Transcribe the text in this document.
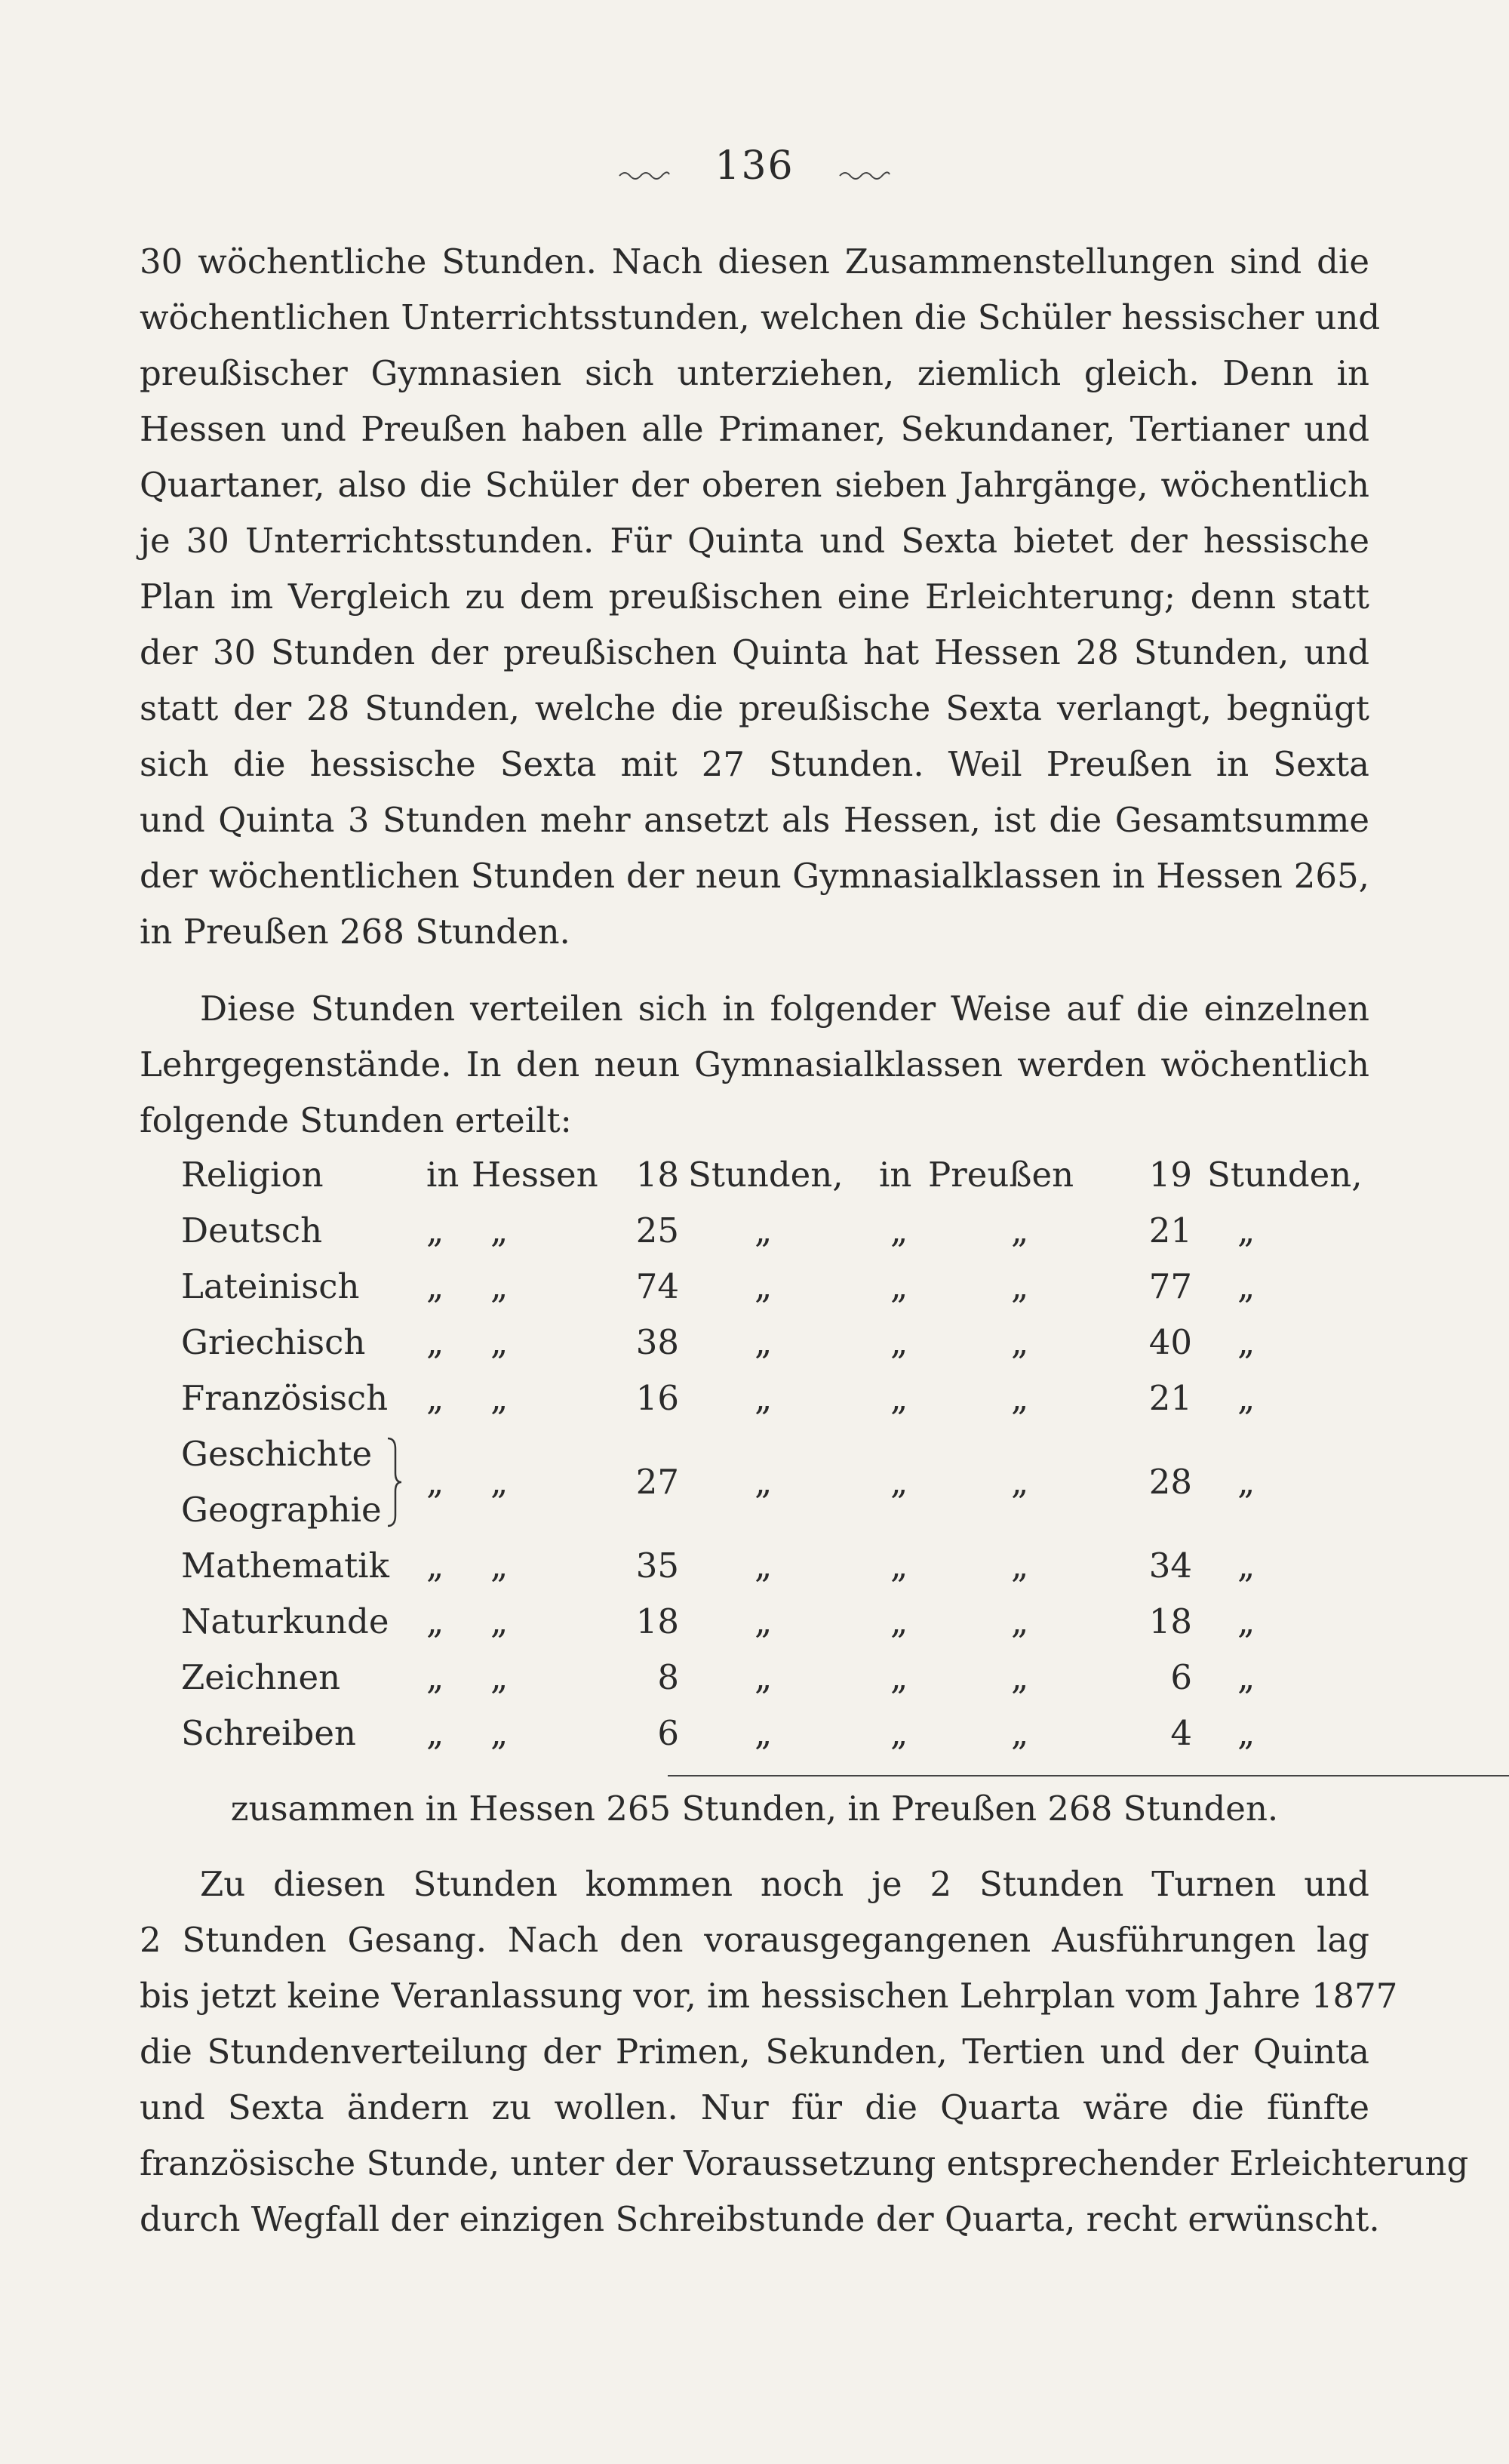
136
30 wöchentliche Stunden. Nach diesen Zusammenstellungen sind die
wöchentlichen Unterrichtsstunden, welchen die Schüler hessischer und
preußischer Gymnasien sich unterziehen, ziemlich gleich. Denn in
Hessen und Preußen haben alle Primaner, Sekundaner, Tertianer und
Quartaner, also die Schüler der oberen sieben Jahrgänge, wöchentlich
je 30 Unterrichtsstunden. Für Quinta und Sexta bietet der hessische
Plan im Vergleich zu dem preußischen eine Erleichterung; denn statt
der 30 Stunden der preußischen Quinta hat Hessen 28 Stunden, und
statt der 28 Stunden, welche die preußische Sexta verlangt, begnügt
sich die hessische Sexta mit 27 Stunden. Weil Preußen in Sexta
und Quinta 3 Stunden mehr ansetzt als Hessen, ist die Gesamtsumme
der wöchentlichen Stunden der neun Gymnasialklassen in Hessen 265,
in Preußen 268 Stunden.
Diese Stunden verteilen sich in folgender Weise auf die einzelnen
Lehrgegenstände. In den neun Gymnasialklassen werden wöchentlich
folgende Stunden erteilt:
Religion	in Hessen	18 Stunden, in Preußen	19 Stunden,
Deutsch	„ „	25 „	„	„	21 „
Lateinisch „ „	74 „	„	„	77 „
Griechisch „ „	38 „	„	„	40 „
Französisch „ „	16 „	„	„	21 „
Geschichte
Geographie
„ „	27 „	„	„	28 „
Mathematik „ „	35 „	„	„	34 „
Naturkunde „ „	18 „	„	„	18 „
Zeichnen	„ „	8 „	„	„	6 „
Schreiben „ „	6 „	„	„	4 „
zusammen in Hessen 265 Stunden, in Preußen 268 Stunden.
Zu diesen Stunden kommen noch je 2 Stunden Turnen und
2 Stunden Gesang. Nach den vorausgegangenen Ausführungen lag
bis jetzt keine Veranlassung vor, im hessischen Lehrplan vom Jahre 1877
die Stundenverteilung der Primen, Sekunden, Tertien und der Quinta
und Sexta ändern zu wollen. Nur für die Quarta wäre die fünfte
französische Stunde, unter der Voraussetzung entsprechender Erleichterung
durch Wegfall der einzigen Schreibstunde der Quarta, recht erwünscht.
